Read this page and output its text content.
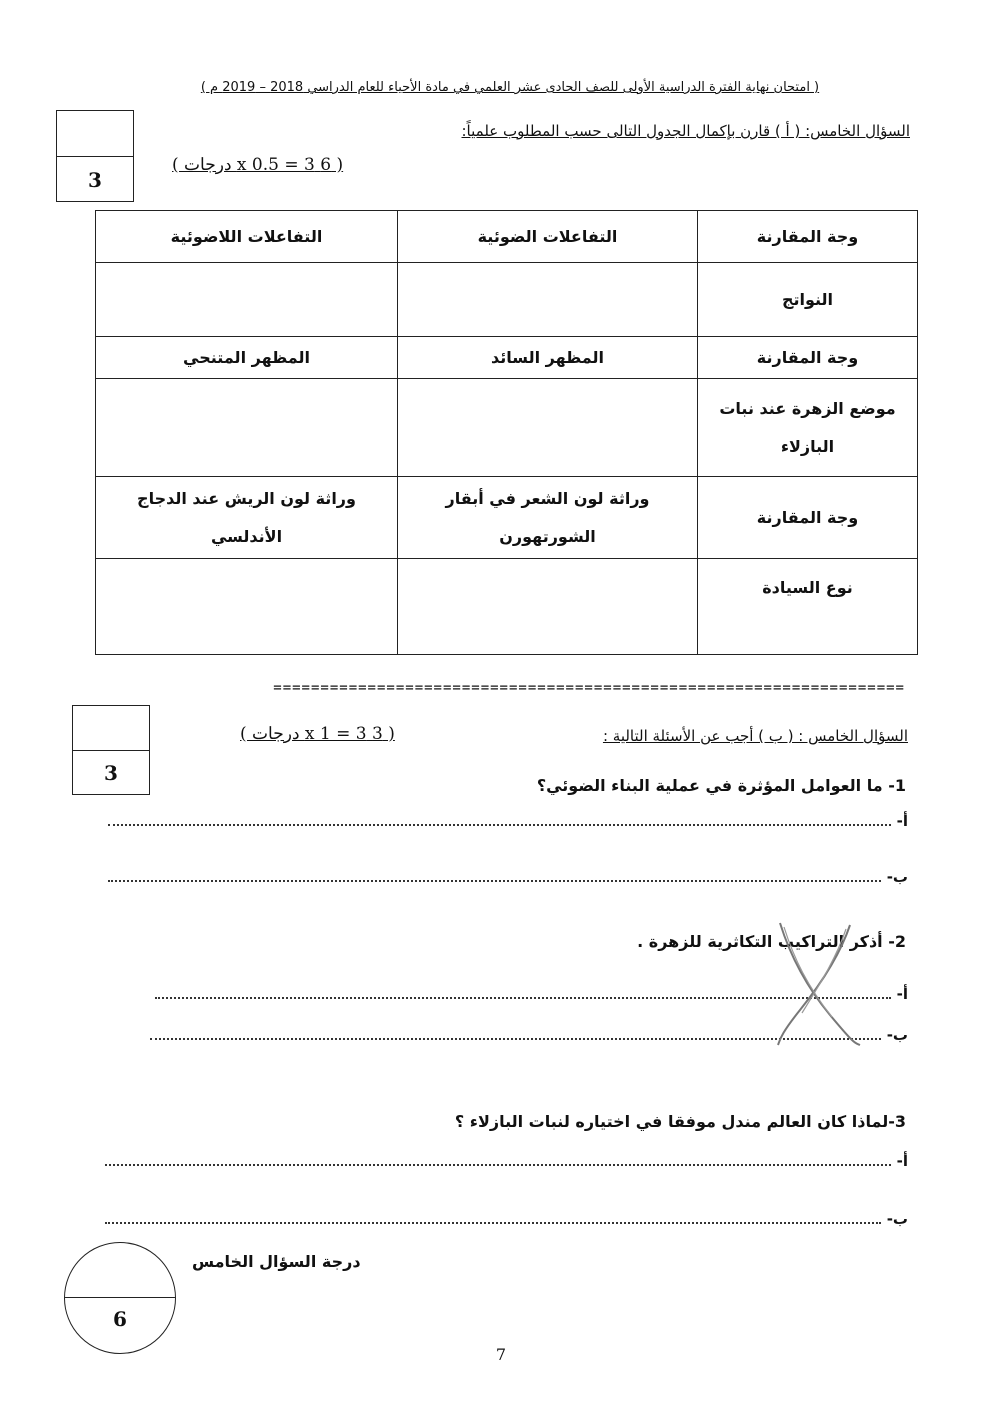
( امتحان نهاية الفترة الدراسية الأولى للصف الحادى عشر العلمي في مادة الأحياء للعام الدراسي 2018 – 2019 م )
3
السؤال الخامس: ( أ ) قارن بإكمال الجدول التالى حسب المطلوب علمياً:
( 6 x 0.5 = 3 درجات )
وجة المقارنة	التفاعلات الضوئية	التفاعلات اللاضوئية
النواتج		
وجة المقارنة	المظهر السائد	المظهر المتنحي
موضع الزهرة عند نبات البازلاء		
وجة المقارنة	وراثة لون الشعر في أبقار الشورتهورن	وراثة لون الريش عند الدجاج الأندلسي
نوع السيادة		
===================================================================
3
السؤال الخامس : ( ب ) أجب عن الأسئلة التالية :
( 3 x 1 = 3 درجات )
1- ما العوامل المؤثرة في عملية البناء الضوئي؟
أ-
ب-
2- أذكر التراكيب التكاثرية للزهرة .
أ-
ب-
3-لماذا كان العالم مندل موفقا في اختياره لنبات البازلاء ؟
أ-
ب-
6
درجة السؤال الخامس
7
